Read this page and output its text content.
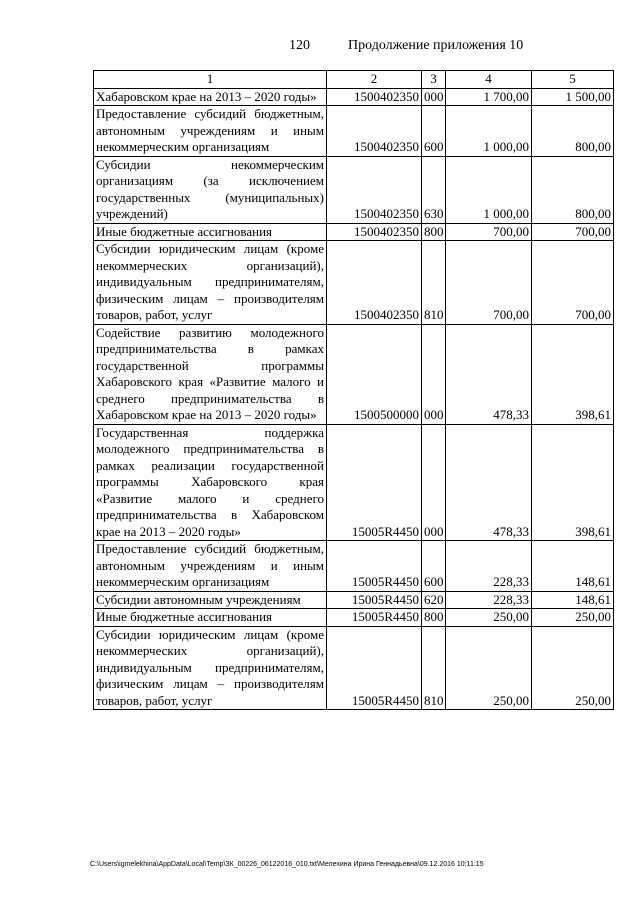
120	Продолжение приложения 10
1	2	3	4	5
Хабаровском крае на 2013 – 2020 годы»	1500402350	000	1 700,00	1 500,00
Предоставление субсидий бюджетным, автономным учреждениям и иным некоммерческим организациям	1500402350	600	1 000,00	800,00
Субсидии некоммерческим организациям (за исключением государственных (муниципальных) учреждений)	1500402350	630	1 000,00	800,00
Иные бюджетные ассигнования	1500402350	800	700,00	700,00
Субсидии юридическим лицам (кроме некоммерческих организаций), индивидуальным предпринимателям, физическим лицам – производителям товаров, работ, услуг	1500402350	810	700,00	700,00
Содействие развитию молодежного предпринимательства в рамках государственной программы Хабаровского края «Развитие малого и среднего предпринимательства в Хабаровском крае на 2013 – 2020 годы»	1500500000	000	478,33	398,61
Государственная поддержка молодежного предпринимательства в рамках реализации государственной программы Хабаровского края «Развитие малого и среднего предпринимательства в Хабаровском крае на 2013 – 2020 годы»	15005R4450	000	478,33	398,61
Предоставление субсидий бюджетным, автономным учреждениям и иным некоммерческим организациям	15005R4450	600	228,33	148,61
Субсидии автономным учреждениям	15005R4450	620	228,33	148,61
Иные бюджетные ассигнования	15005R4450	800	250,00	250,00
Субсидии юридическим лицам (кроме некоммерческих организаций), индивидуальным предпринимателям, физическим лицам – производителям товаров, работ, услуг	15005R4450	810	250,00	250,00
C:\Users\igmelekhina\AppData\Local\Temp\ЗК_00226_06122016_010.txt\Мелехина Ирина Геннадьевна\09.12.2016 10:11:15
